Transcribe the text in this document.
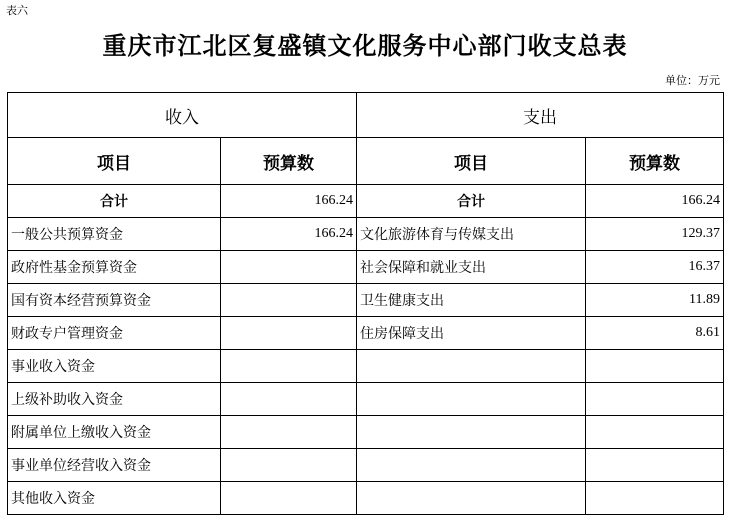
表六
重庆市江北区复盛镇文化服务中心部门收支总表
单位：万元
收入		支出	
项目	预算数	项目	预算数
合计	166.24	合计	166.24
一般公共预算资金	166.24	文化旅游体育与传媒支出	129.37
政府性基金预算资金		社会保障和就业支出	16.37
国有资本经营预算资金		卫生健康支出	11.89
财政专户管理资金		住房保障支出	8.61
事业收入资金			
上级补助收入资金			
附属单位上缴收入资金			
事业单位经营收入资金			
其他收入资金			
